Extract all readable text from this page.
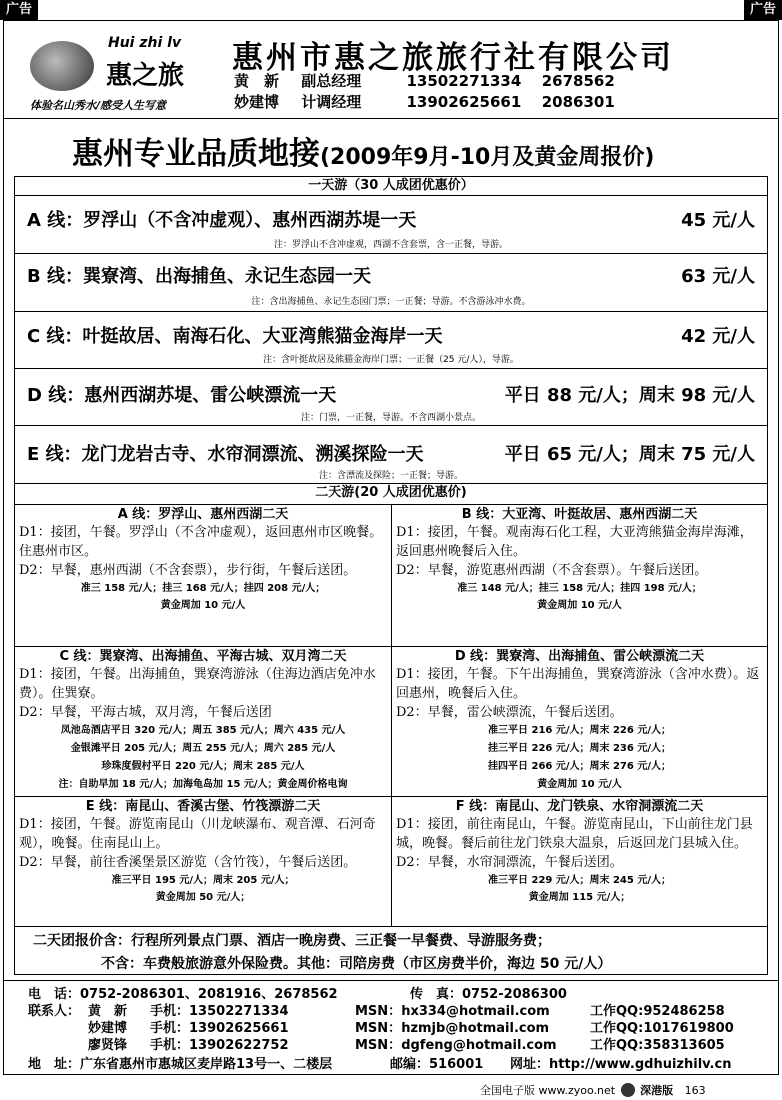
广告	广告
Hui zhi lv
惠之旅
体验名山秀水/感受人生写意
惠州市惠之旅旅行社有限公司
黄　新 副总经理	13502271334 2678562
妙建博 计调经理	13902625661 2086301
惠州专业品质地接(2009年9月-10月及黄金周报价)
一天游（30 人成团优惠价）
A 线：罗浮山（不含冲虚观）、惠州西湖苏堤一天	45 元/人
注：罗浮山不含冲虚观，西湖不含套票，含一正餐，导游。
B 线：巽寮湾、出海捕鱼、永记生态园一天	63 元/人
注：含出海捕鱼、永记生态园门票；一正餐；导游。不含游泳冲水费。
C 线：叶挺故居、南海石化、大亚湾熊猫金海岸一天	42 元/人
注：含叶挺故居及熊猫金海岸门票；一正餐（25 元/人），导游。
D 线：惠州西湖苏堤、雷公峡漂流一天	平日 88 元/人；周末 98 元/人
注：门票，一正餐，导游。不含西湖小景点。
E 线：龙门龙岩古寺、水帘洞漂流、溯溪探险一天	平日 65 元/人；周末 75 元/人
注：含漂流及探险；一正餐；导游。
二天游(20 人成团优惠价)
A 线：罗浮山、惠州西湖二天
D1：接团，午餐。罗浮山（不含冲虚观），返回惠州市区晚餐。住惠州市区。
D2：早餐，惠州西湖（不含套票），步行街，午餐后送团。
准三 158 元/人；挂三 168 元/人；挂四 208 元/人；
黄金周加 10 元/人
B 线：大亚湾、叶挺故居、惠州西湖二天
D1：接团，午餐。观南海石化工程，大亚湾熊猫金海岸海滩，返回惠州晚餐后入住。
D2：早餐，游览惠州西湖（不含套票）。午餐后送团。
准三 148 元/人；挂三 158 元/人；挂四 198 元/人；
黄金周加 10 元/人
C 线：巽寮湾、出海捕鱼、平海古城、双月湾二天
D1：接团，午餐。出海捕鱼，巽寮湾游泳（住海边酒店免冲水费）。住巽寮。
D2：早餐，平海古城，双月湾，午餐后送团
凤池岛酒店平日 320 元/人；周五 385 元/人；周六 435 元/人
金银滩平日 205 元/人；周五 255 元/人；周六 285 元/人
珍珠度假村平日 220 元/人；周末 285 元/人
注：自助早加 18 元/人；加海龟岛加 15 元/人；黄金周价格电询
D 线：巽寮湾、出海捕鱼、雷公峡漂流二天
D1：接团，午餐。下午出海捕鱼，巽寮湾游泳（含冲水费）。返回惠州，晚餐后入住。
D2：早餐，雷公峡漂流，午餐后送团。
准三平日 216 元/人；周末 226 元/人；
挂三平日 226 元/人；周末 236 元/人；
挂四平日 266 元/人；周末 276 元/人；
黄金周加 10 元/人
E 线：南昆山、香溪古堡、竹筏漂游二天
D1：接团，午餐。游览南昆山（川龙峡瀑布、观音潭、石河奇观），晚餐。住南昆山上。
D2：早餐，前往香溪堡景区游览（含竹筏），午餐后送团。
准三平日 195 元/人；周末 205 元/人；
黄金周加 50 元/人；
F 线：南昆山、龙门铁泉、水帘洞漂流二天
D1：接团，前往南昆山，午餐。游览南昆山，下山前往龙门县城，晚餐。餐后前往龙门铁泉大温泉，后返回龙门县城入住。
D2：早餐，水帘洞漂流，午餐后送团。
准三平日 229 元/人；周末 245 元/人；
黄金周加 115 元/人；
二天团报价含：行程所列景点门票、酒店一晚房费、三正餐一早餐费、导游服务费；
不含：车费般旅游意外保险费。其他：司陪房费（市区房费半价，海边 50 元/人）
电　话：0752-2086301、2081916、2678562	传　真：0752-2086300
联系人： 黄　新 手机：13502271334	MSN：hx334@hotmail.com	工作QQ:952486258
妙建博 手机：13902625661	MSN：hzmjb@hotmail.com	工作QQ:1017619800
廖贤锋 手机：13902622752	MSN：dgfeng@hotmail.com	工作QQ:358313605
地　址：广东省惠州市惠城区麦岸路13号一、二楼层	邮编：516001 网址：http://www.gdhuizhilv.cn
全国电子版 www.zyoo.net 深港版 163
